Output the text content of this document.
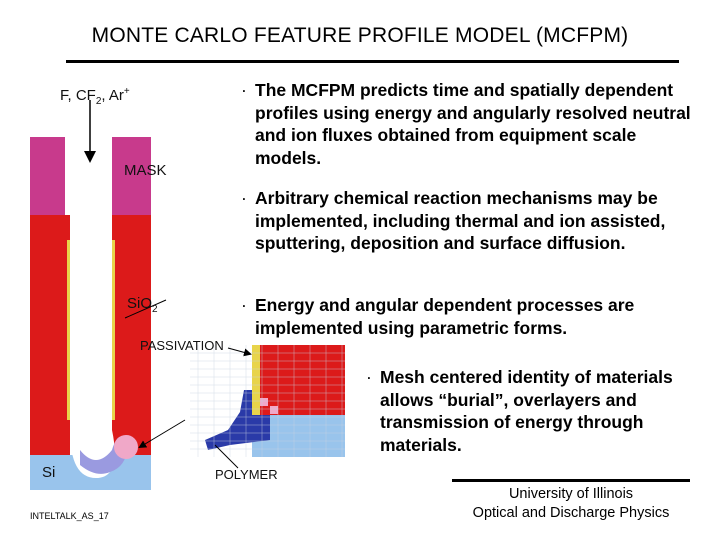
MONTE CARLO FEATURE PROFILE MODEL (MCFPM)
F, $CF_2$, Ar+
MASK
SiO$_2$
PASSIVATION
Si	POLYMER
· The MCFPM predicts time and spatially dependent profiles using energy and angularly resolved neutral and ion fluxes obtained from equipment scale models.
· Arbitrary chemical reaction mechanisms may be implemented, including thermal and ion assisted, sputtering, deposition and surface diffusion.
· Energy and angular dependent processes are implemented using parametric forms.
· Mesh centered identity of materials allows “burial”, overlayers and transmission of energy through materials.
University of Illinois
Optical and Discharge Physics
INTELTALK_AS_17
